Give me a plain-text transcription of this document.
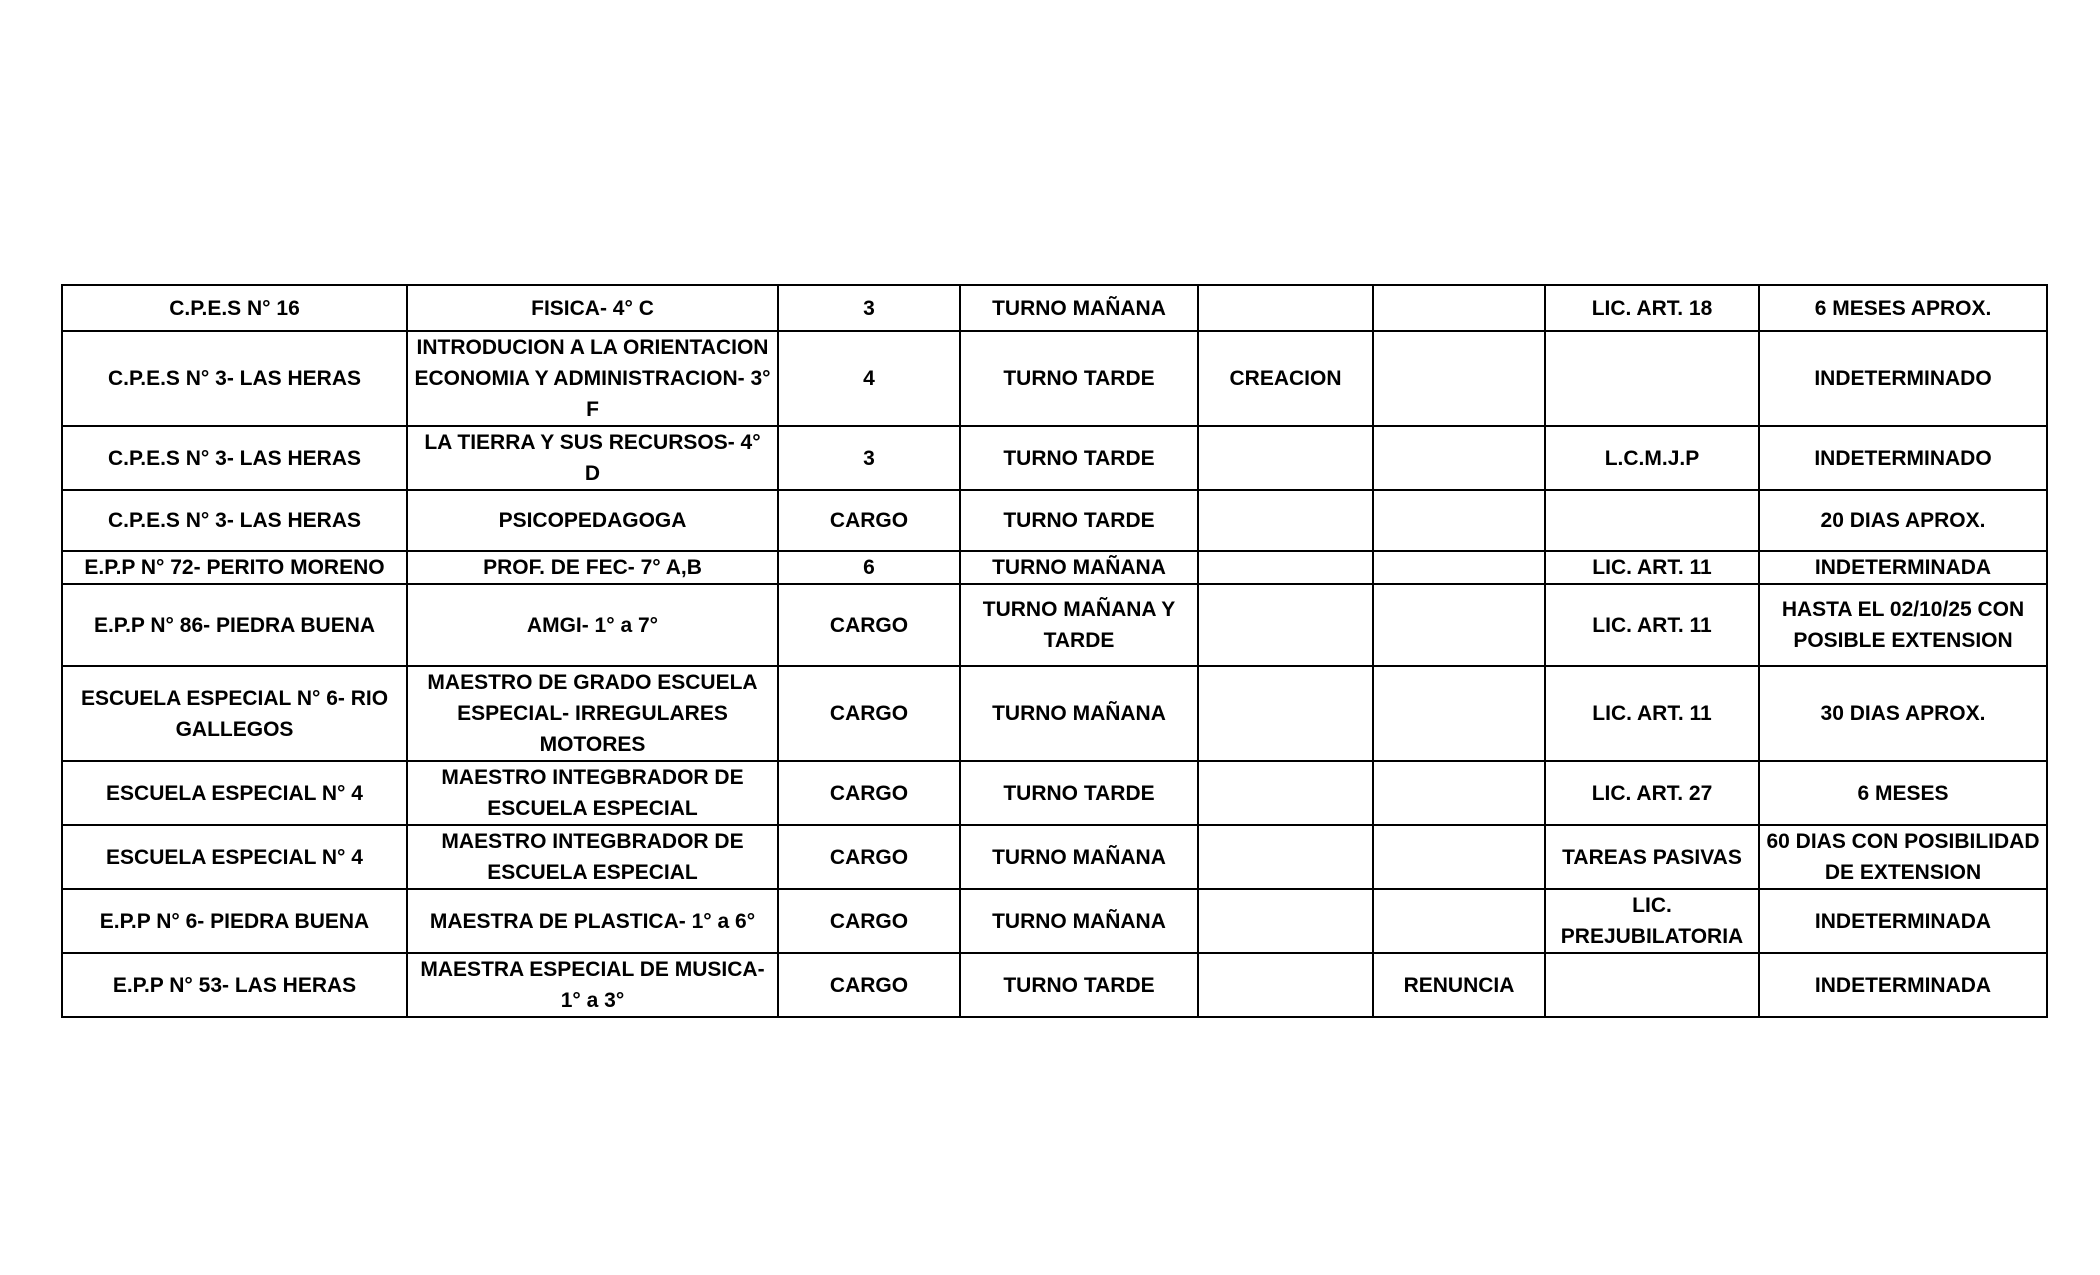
C.P.E.S N° 16	FISICA- 4° C	3	TURNO MAÑANA			LIC. ART. 18	6 MESES APROX.
C.P.E.S N° 3- LAS HERAS	INTRODUCION A LA ORIENTACION ECONOMIA Y ADMINISTRACION- 3° F	4	TURNO TARDE	CREACION			INDETERMINADO
C.P.E.S N° 3- LAS HERAS	LA TIERRA Y SUS RECURSOS- 4° D	3	TURNO TARDE			L.C.M.J.P	INDETERMINADO
C.P.E.S N° 3- LAS HERAS	PSICOPEDAGOGA	CARGO	TURNO TARDE				20 DIAS APROX.
E.P.P N° 72- PERITO MORENO	PROF. DE FEC- 7° A,B	6	TURNO MAÑANA			LIC. ART. 11	INDETERMINADA
E.P.P N° 86- PIEDRA BUENA	AMGI- 1° a 7°	CARGO	TURNO MAÑANA Y TARDE			LIC. ART. 11	HASTA EL 02/10/25 CON POSIBLE EXTENSION
ESCUELA ESPECIAL N° 6- RIO GALLEGOS	MAESTRO DE GRADO ESCUELA ESPECIAL- IRREGULARES MOTORES	CARGO	TURNO MAÑANA			LIC. ART. 11	30 DIAS APROX.
ESCUELA ESPECIAL N° 4	MAESTRO INTEGBRADOR DE ESCUELA ESPECIAL	CARGO	TURNO TARDE			LIC. ART. 27	6 MESES
ESCUELA ESPECIAL N° 4	MAESTRO INTEGBRADOR DE ESCUELA ESPECIAL	CARGO	TURNO MAÑANA			TAREAS PASIVAS	60 DIAS CON POSIBILIDAD DE EXTENSION
E.P.P N° 6- PIEDRA BUENA	MAESTRA DE PLASTICA- 1° a 6°	CARGO	TURNO MAÑANA			LIC. PREJUBILATORIA	INDETERMINADA
E.P.P N° 53- LAS HERAS	MAESTRA ESPECIAL DE MUSICA- 1° a 3°	CARGO	TURNO TARDE		RENUNCIA		INDETERMINADA
